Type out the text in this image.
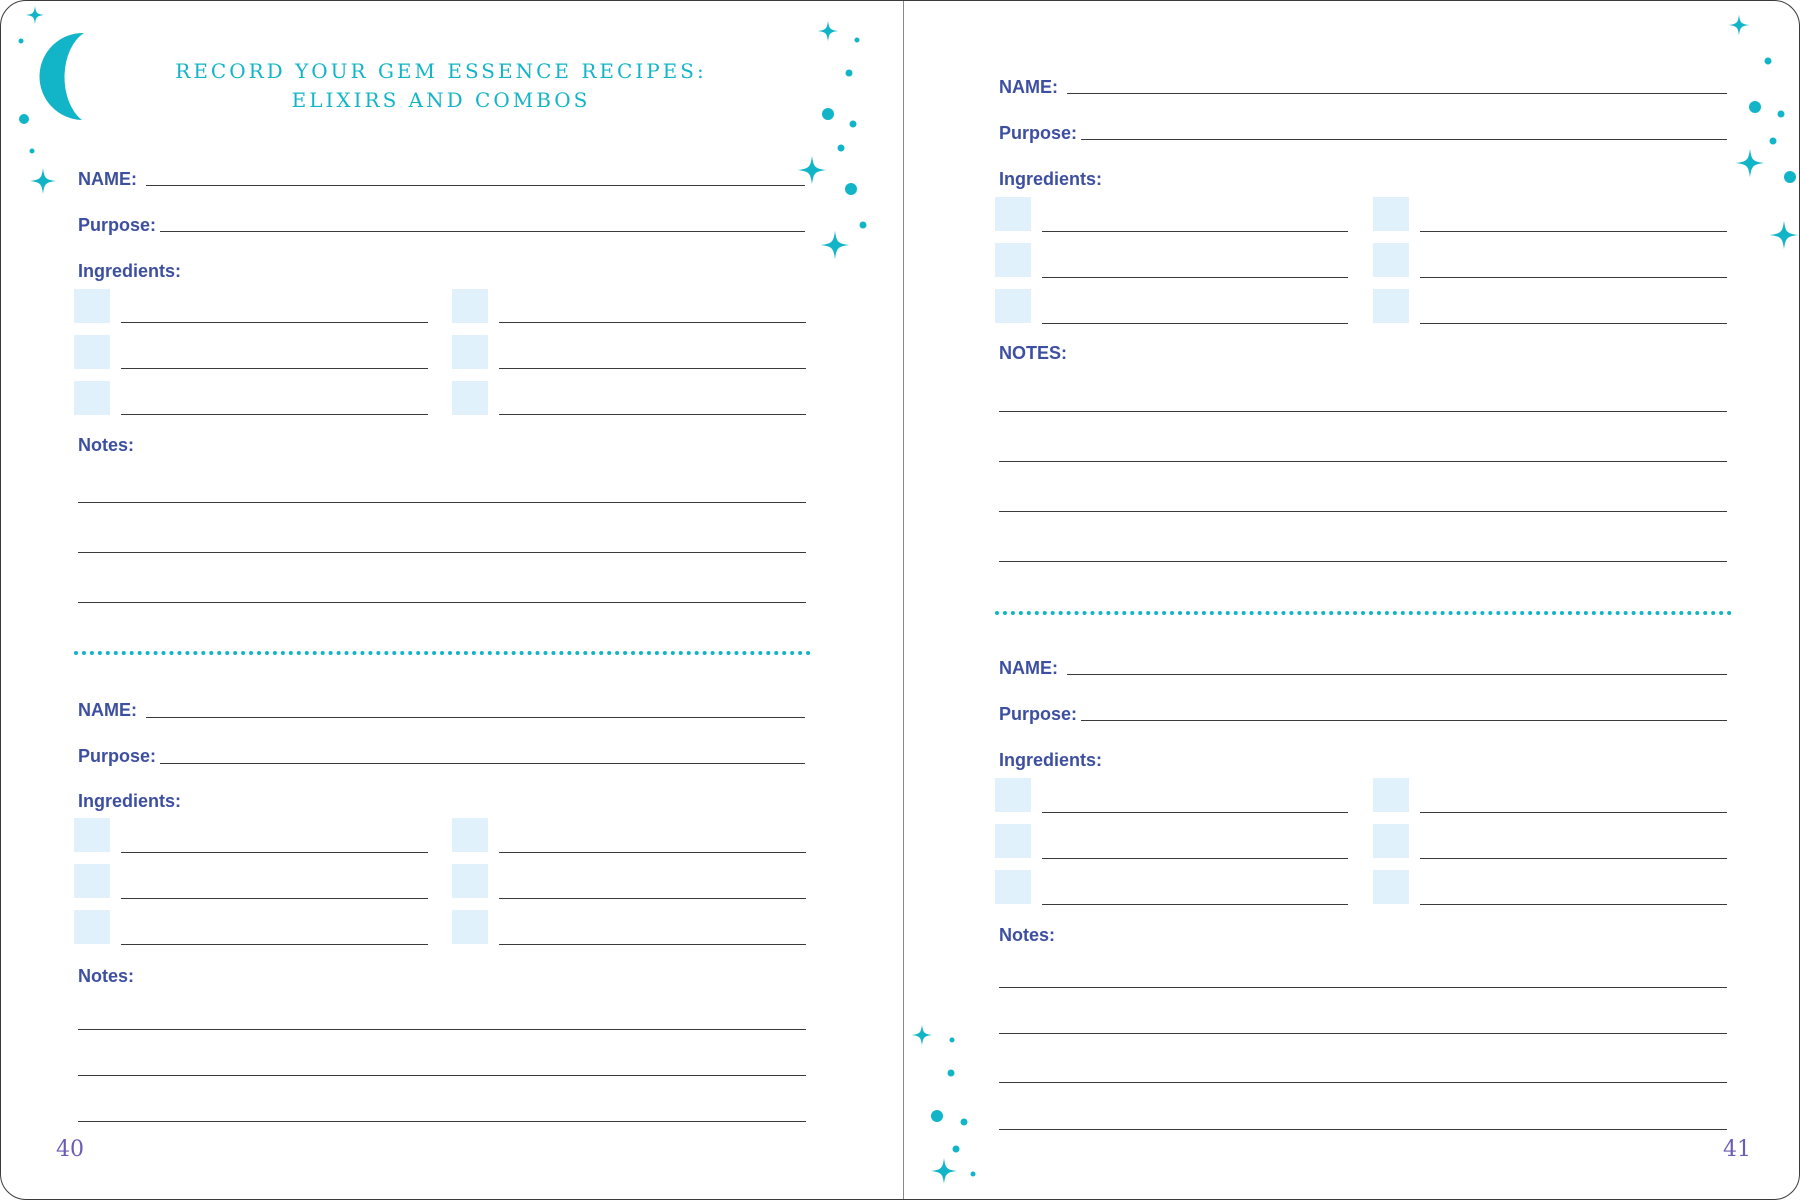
RECORD YOUR GEM ESSENCE RECIPES:
ELIXIRS AND COMBOS
NAME:
Purpose:
Ingredients:
Notes:
NAME:
Purpose:
Ingredients:
Notes:
40
NAME:
Purpose:
Ingredients:
NOTES:
NAME:
Purpose:
Ingredients:
Notes:
41
